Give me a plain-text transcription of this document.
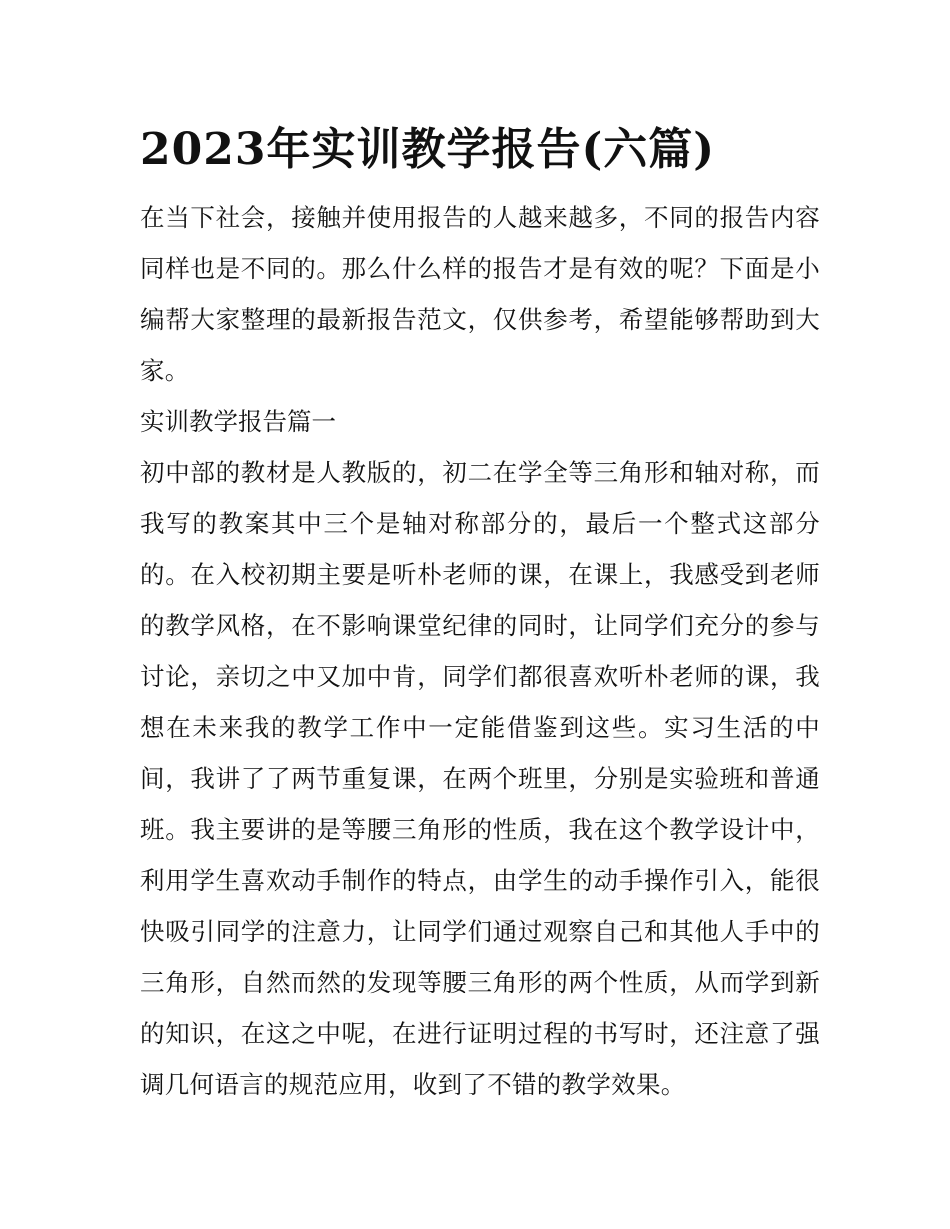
2023年实训教学报告(六篇)

在当下社会，接触并使用报告的人越来越多，不同的报告内容同样也是不同的。那么什么样的报告才是有效的呢？下面是小编帮大家整理的最新报告范文，仅供参考，希望能够帮助到大家。

实训教学报告篇一

初中部的教材是人教版的，初二在学全等三角形和轴对称，而我写的教案其中三个是轴对称部分的，最后一个整式这部分的。在入校初期主要是听朴老师的课，在课上，我感受到老师的教学风格，在不影响课堂纪律的同时，让同学们充分的参与讨论，亲切之中又加中肯，同学们都很喜欢听朴老师的课，我想在未来我的教学工作中一定能借鉴到这些。实习生活的中间，我讲了了两节重复课，在两个班里，分别是实验班和普通班。我主要讲的是等腰三角形的性质，我在这个教学设计中，利用学生喜欢动手制作的特点，由学生的动手操作引入，能很快吸引同学的注意力，让同学们通过观察自己和其他人手中的三角形，自然而然的发现等腰三角形的两个性质，从而学到新的知识，在这之中呢，在进行证明过程的书写时，还注意了强调几何语言的规范应用，收到了不错的教学效果。
